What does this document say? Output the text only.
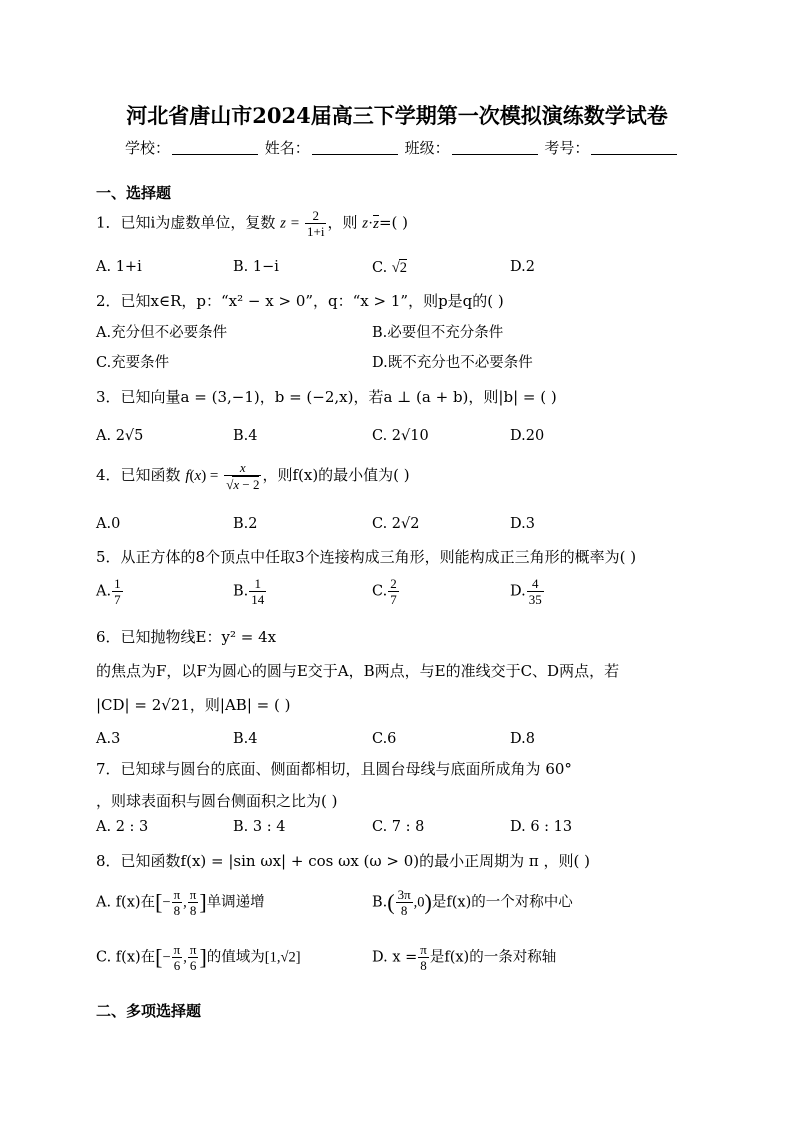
河北省唐山市2024届高三下学期第一次模拟演练数学试卷
学校：	姓名：	班级：	考号：
一、选择题
1．已知i为虚数单位，复数 $z = \frac{2}{1+i}$ ，则 z·z=( )
A. 1+i	B. 1−i	C. √2	D.2
2．已知x∈R，p：“x² − x > 0”，q：“x > 1”，则p是q的( )
A.充分但不必要条件	B.必要但不充分条件
C.充要条件	D.既不充分也不必要条件
3．已知向量a = (3,−1)，b = (−2,x)，若a ⊥ (a + b)，则|b| = ( )
A. 2√5	B.4	C. 2√10	D.20
4．已知函数 $f(x) = \frac{x}{√x - 2}$ ，则f(x)的最小值为( )
A.0	B.2	C. 2√2	D.3
5．从正方体的8个顶点中任取3个连接构成三角形，则能构成正三角形的概率为( )
A. $\frac{1}{7}$	B. $\frac{1}{14}$	C. $\frac{2}{7}$	D. $\frac{4}{35}$
6．已知抛物线E：y² = 4x
的焦点为F，以F为圆心的圆与E交于A，B两点，与E的准线交于C、D两点，若
|CD| = 2√21，则|AB| = ( )
A.3	B.4	C.6	D.8
7．已知球与圆台的底面、侧面都相切，且圆台母线与底面所成角为 60°
，则球表面积与圆台侧面积之比为( )
A. 2 : 3	B. 3 : 4	C. 7 : 8	D. 6 : 13
8．已知函数f(x) = |sin ωx| + cos ωx (ω > 0)的最小正周期为 π ，则( )
A. f(x)在[− $\frac{\pi}{8}$ , $\frac{\pi}{8}$ ]单调递增	$B.( \frac{3\pi}{8} ,0)$是f(x)的一个对称中心
C. f(x)在[− $\frac{\pi}{6}$ , $\frac{\pi}{6}$ ]的值域为[1,√2]	D. $x = \frac{\pi}{8}$ 是f(x)的一条对称轴
二、多项选择题
